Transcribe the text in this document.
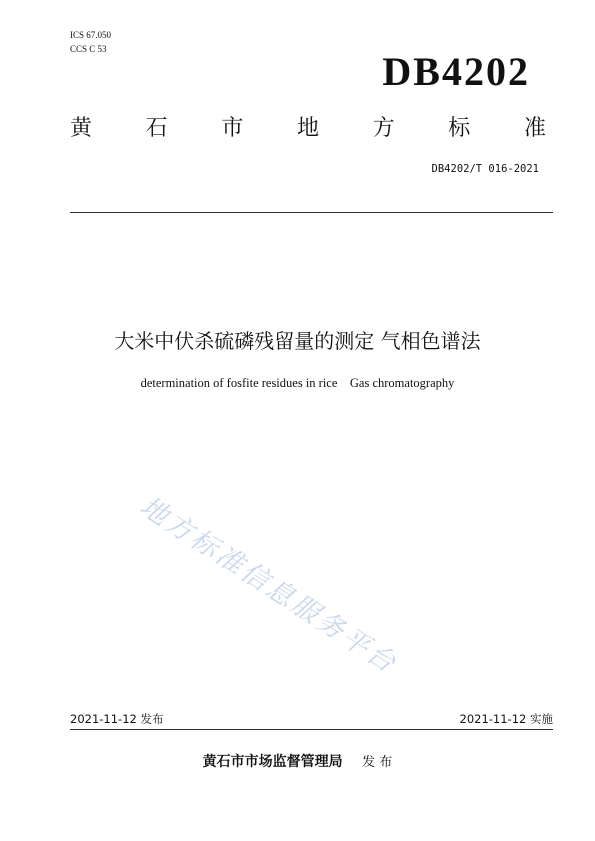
ICS 67.050
CCS C 53	DB4202
黄 石 市 地 方 标 准
DB4202/T 016-2021
大米中伏杀硫磷残留量的测定 气相色谱法
determination of fosfite residues in rice    Gas chromatography
地方标准信息服务平台
2021-11-12 发布	2021-11-12 实施
黄石市市场监督管理局 发 布
